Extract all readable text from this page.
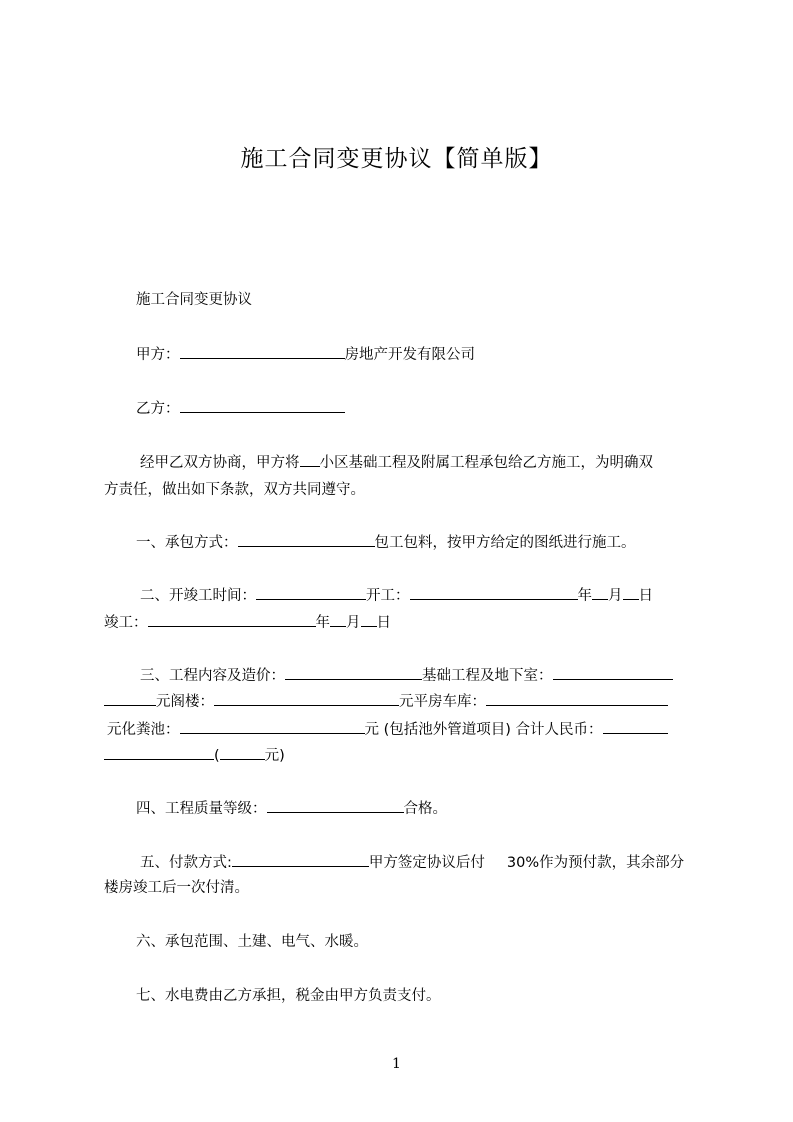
施工合同变更协议【简单版】
施工合同变更协议
甲方：	房地产开发有限公司
乙方：
经甲乙双方协商，甲方将 小区基础工程及附属工程承包给乙方施工，为明确双
方责任，做出如下条款，双方共同遵守。
一、承包方式：	包工包料，按甲方给定的图纸进行施工。
二、开竣工时间：	开工：	年 月 日
竣工：	年 月 日
三、工程内容及造价：	基础工程及地下室：
元阁楼：	元平房车库：
元化粪池：	元 (包括池外管道项目) 合计人民币：
(	元)
四、工程质量等级：	合格。
五、付款方式:	甲方签定协议后付 30%作为预付款，其余部分
楼房竣工后一次付清。
六、承包范围、土建、电气、水暖。
七、水电费由乙方承担，税金由甲方负责支付。
1
